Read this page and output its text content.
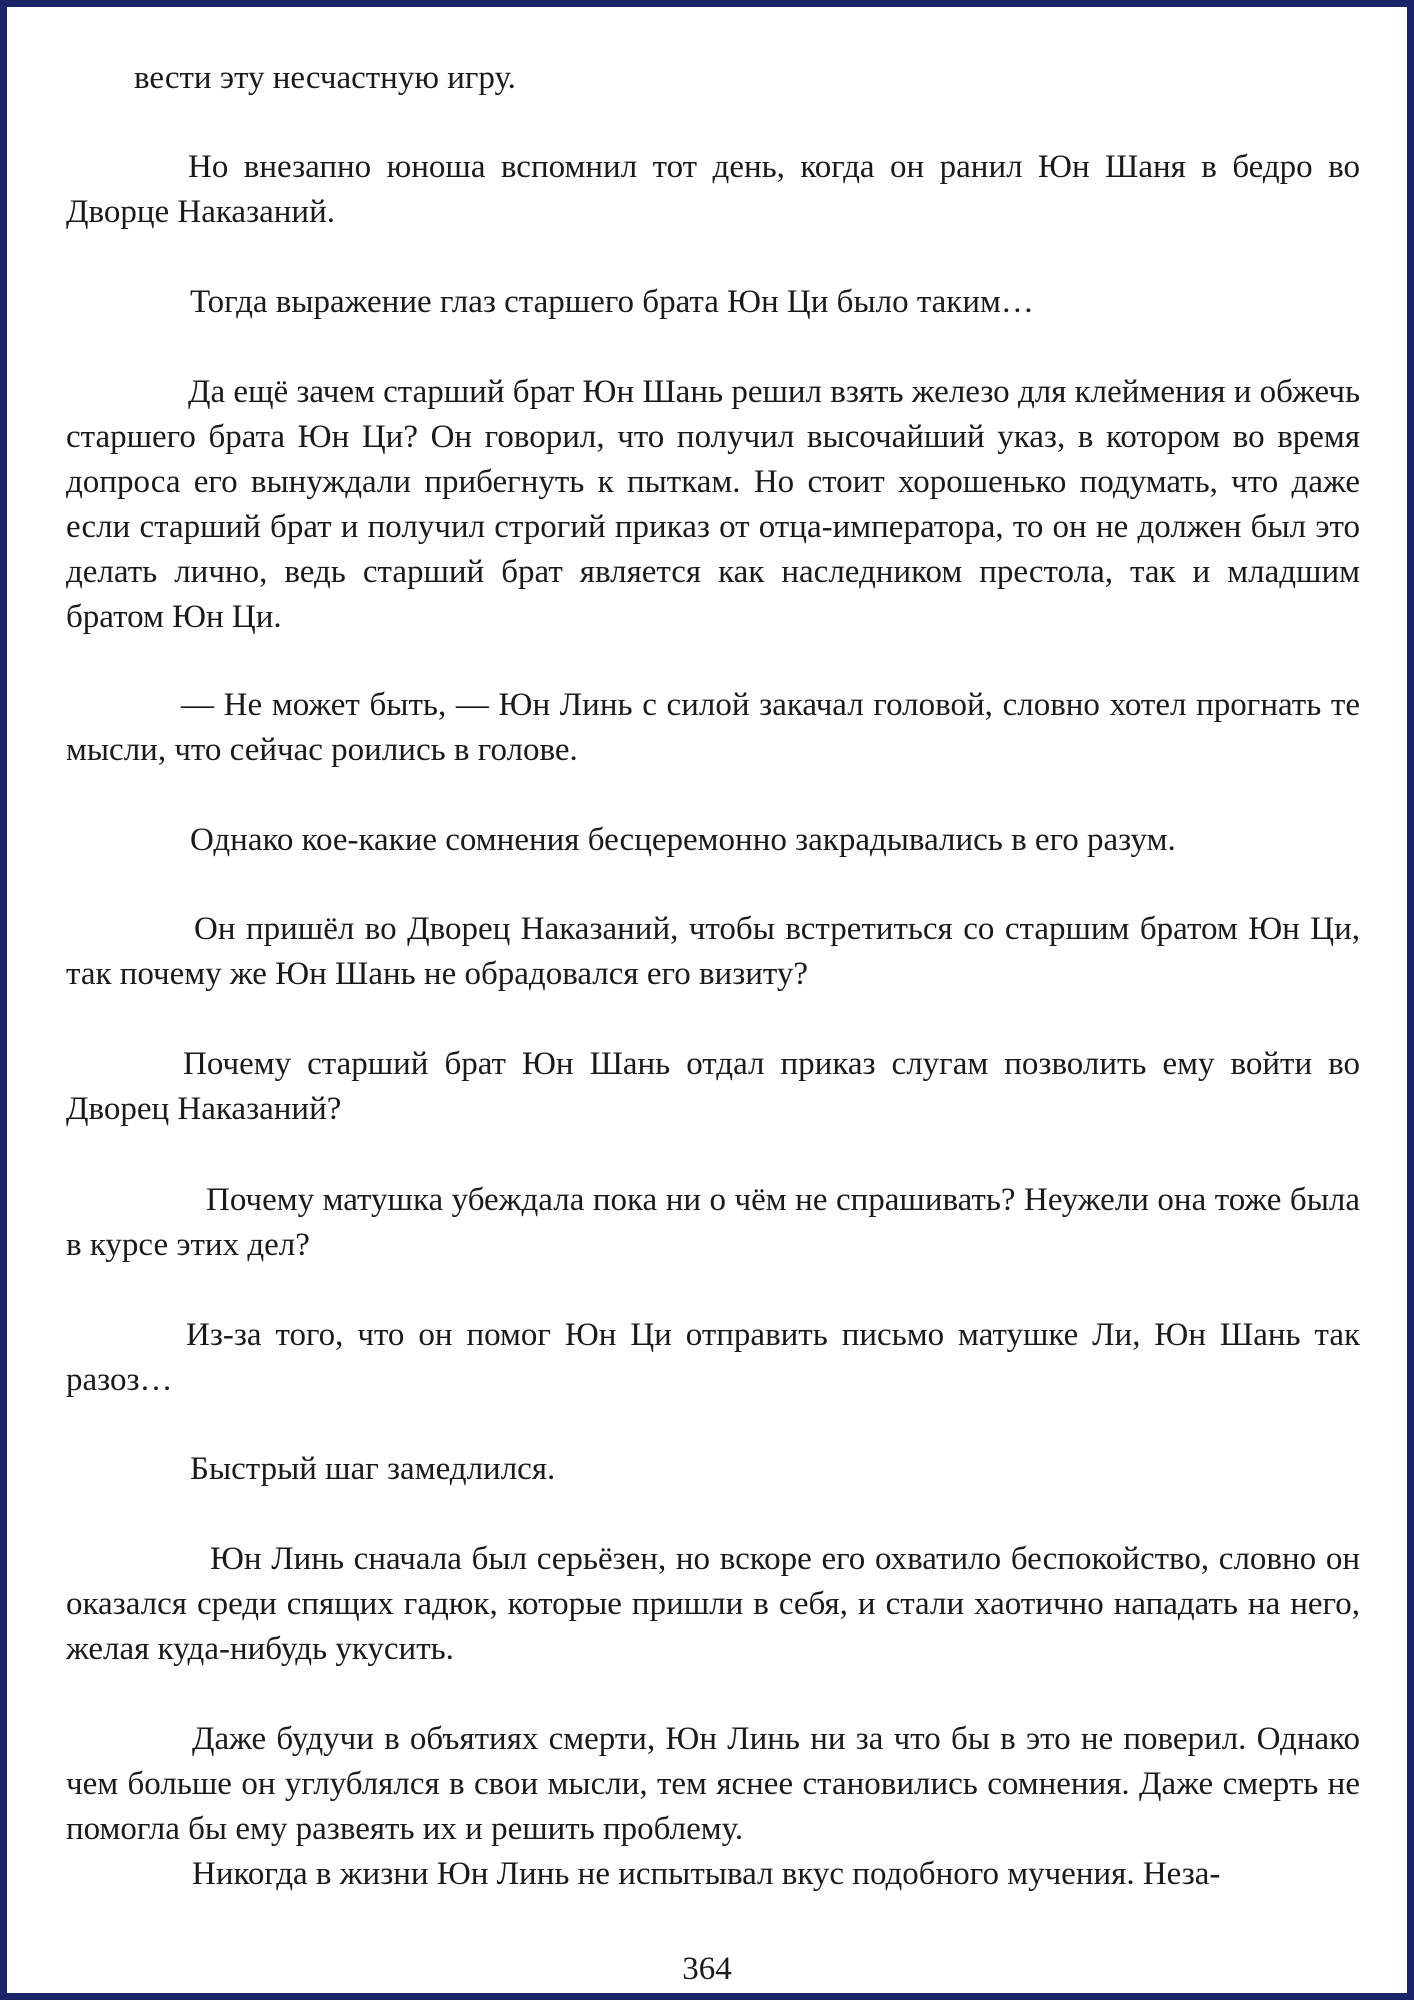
вести эту несчастную игру.

Но внезапно юноша вспомнил тот день, когда он ранил Юн Шаня в бедро во Дворце Наказаний.

Тогда выражение глаз старшего брата Юн Ци было таким…

Да ещё зачем старший брат Юн Шань решил взять железо для клеймения и обжечь старшего брата Юн Ци? Он говорил, что получил высочайший указ, в котором во время допроса его вынуждали прибегнуть к пыткам. Но стоит хорошенько подумать, что даже если старший брат и получил строгий приказ от отца-императора, то он не должен был это делать лично, ведь старший брат является как наследником престола, так и младшим братом Юн Ци.

— Не может быть, — Юн Линь с силой закачал головой, словно хотел прогнать те мысли, что сейчас роились в голове.

Однако кое-какие сомнения бесцеремонно закрадывались в его разум.

Он пришёл во Дворец Наказаний, чтобы встретиться со старшим братом Юн Ци, так почему же Юн Шань не обрадовался его визиту?

Почему старший брат Юн Шань отдал приказ слугам позволить ему войти во Дворец Наказаний?

Почему матушка убеждала пока ни о чём не спрашивать? Неужели она тоже была в курсе этих дел?

Из-за того, что он помог Юн Ци отправить письмо матушке Ли, Юн Шань так разоз…

Быстрый шаг замедлился.

Юн Линь сначала был серьёзен, но вскоре его охватило беспокойство, словно он оказался среди спящих гадюк, которые пришли в себя, и стали хаотично нападать на него, желая куда-нибудь укусить.

Даже будучи в объятиях смерти, Юн Линь ни за что бы в это не поверил. Однако чем больше он углублялся в свои мысли, тем яснее становились сомнения. Даже смерть не помогла бы ему развеять их и решить проблему.

Никогда в жизни Юн Линь не испытывал вкус подобного мучения. Неза-

364
